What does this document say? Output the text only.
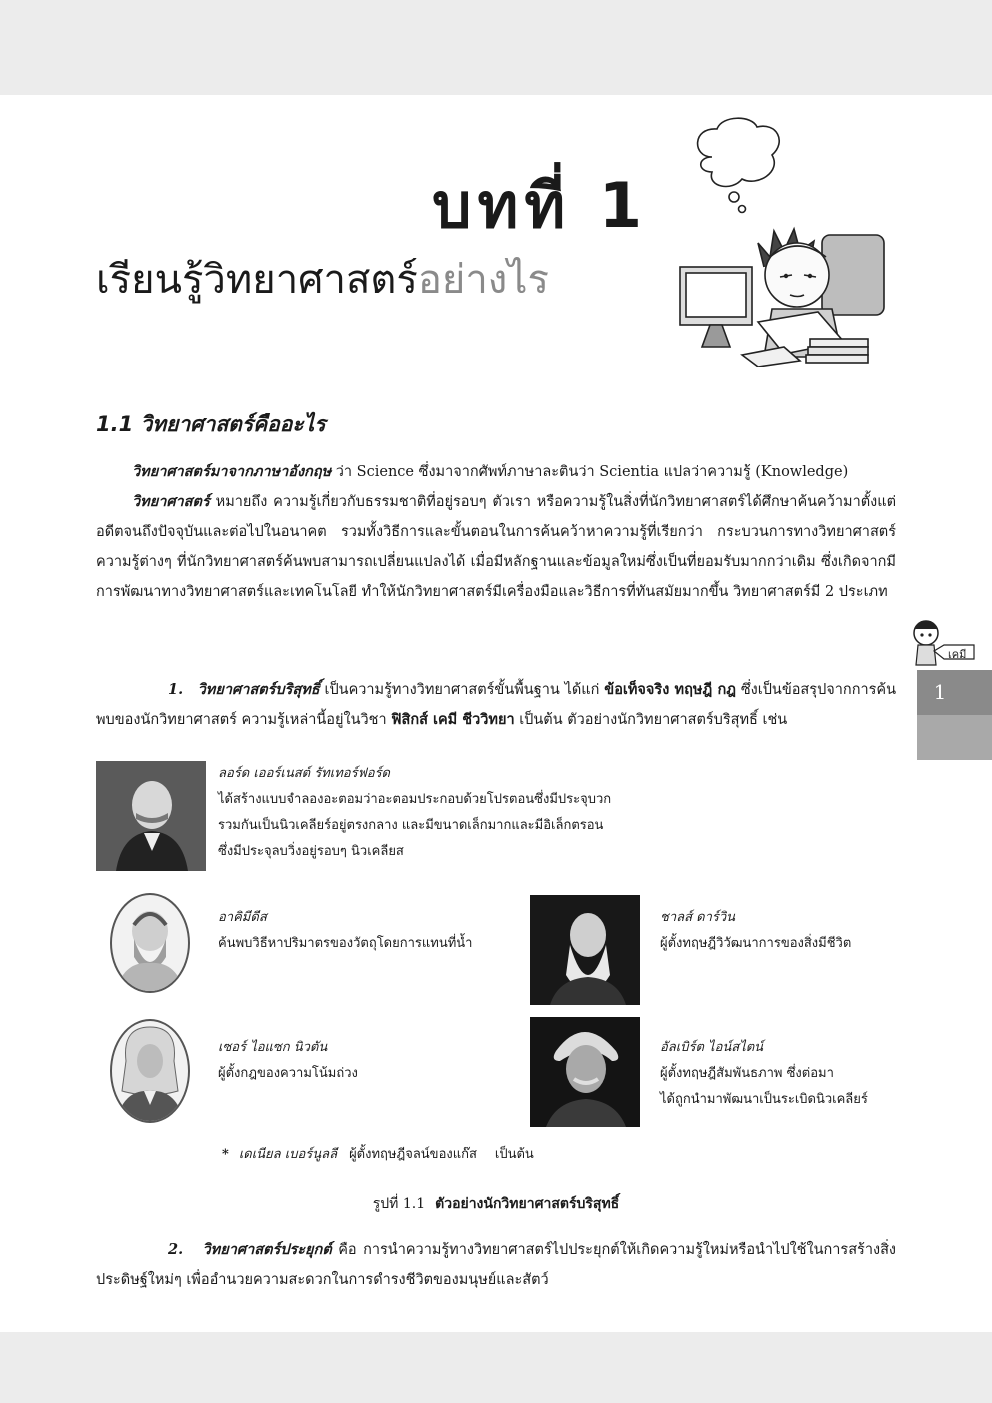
บทที่ 1
เรียนรู้วิทยาศาสตร์อย่างไร
1.1 วิทยาศาสตร์คืออะไร
วิทยาศาสตร์มาจากภาษาอังกฤษ ว่า Science ซึ่งมาจากศัพท์ภาษาละตินว่า Scientia แปลว่าความรู้ (Knowledge)
วิทยาศาสตร์ หมายถึง ความรู้เกี่ยวกับธรรมชาติที่อยู่รอบๆ ตัวเรา หรือความรู้ในสิ่งที่นักวิทยาศาสตร์ได้ศึกษาค้นคว้ามาตั้งแต่อดีตจนถึงปัจจุบันและต่อไปในอนาคต รวมทั้งวิธีการและขั้นตอนในการค้นคว้าหาความรู้ที่เรียกว่า กระบวนการทางวิทยาศาสตร์ ความรู้ต่างๆ ที่นักวิทยาศาสตร์ค้นพบสามารถเปลี่ยนแปลงได้ เมื่อมีหลักฐานและข้อมูลใหม่ซึ่งเป็นที่ยอมรับมากกว่าเดิม ซึ่งเกิดจากมีการพัฒนาทางวิทยาศาสตร์และเทคโนโลยี ทำให้นักวิทยาศาสตร์มีเครื่องมือและวิธีการที่ทันสมัยมากขึ้น วิทยาศาสตร์มี 2 ประเภท
1. วิทยาศาสตร์บริสุทธิ์ เป็นความรู้ทางวิทยาศาสตร์ขั้นพื้นฐาน ได้แก่ ข้อเท็จจริง ทฤษฎี กฎ ซึ่งเป็นข้อสรุปจากการค้นพบของนักวิทยาศาสตร์ ความรู้เหล่านี้อยู่ในวิชา ฟิสิกส์ เคมี ชีววิทยา เป็นต้น ตัวอย่างนักวิทยาศาสตร์บริสุทธิ์ เช่น
ลอร์ด เออร์เนสต์ รัทเทอร์ฟอร์ด
ได้สร้างแบบจำลองอะตอมว่าอะตอมประกอบด้วยโปรตอนซึ่งมีประจุบวก
รวมกันเป็นนิวเคลียร์อยู่ตรงกลาง และมีขนาดเล็กมากและมีอิเล็กตรอน
ซึ่งมีประจุลบวิ่งอยู่รอบๆ นิวเคลียส
อาคิมีดีส
ค้นพบวิธีหาปริมาตรของวัตถุโดยการแทนที่น้ำ
ชาลส์ ดาร์วิน
ผู้ตั้งทฤษฎีวิวัฒนาการของสิ่งมีชีวิต
เซอร์ ไอแซก นิวตัน
ผู้ตั้งกฎของความโน้มถ่วง
อัลเบิร์ต ไอน์สไตน์
ผู้ตั้งทฤษฎีสัมพันธภาพ ซึ่งต่อมา
ได้ถูกนำมาพัฒนาเป็นระเบิดนิวเคลียร์
* เดเนียล เบอร์นูลลี ผู้ตั้งทฤษฎีจลน์ของแก๊ส เป็นต้น
รูปที่ 1.1 ตัวอย่างนักวิทยาศาสตร์บริสุทธิ์
2. วิทยาศาสตร์ประยุกต์ คือ การนำความรู้ทางวิทยาศาสตร์ไปประยุกต์ให้เกิดความรู้ใหม่หรือนำไปใช้ในการสร้างสิ่งประดิษฐ์ใหม่ๆ เพื่ออำนวยความสะดวกในการดำรงชีวิตของมนุษย์และสัตว์
เคมี
1
